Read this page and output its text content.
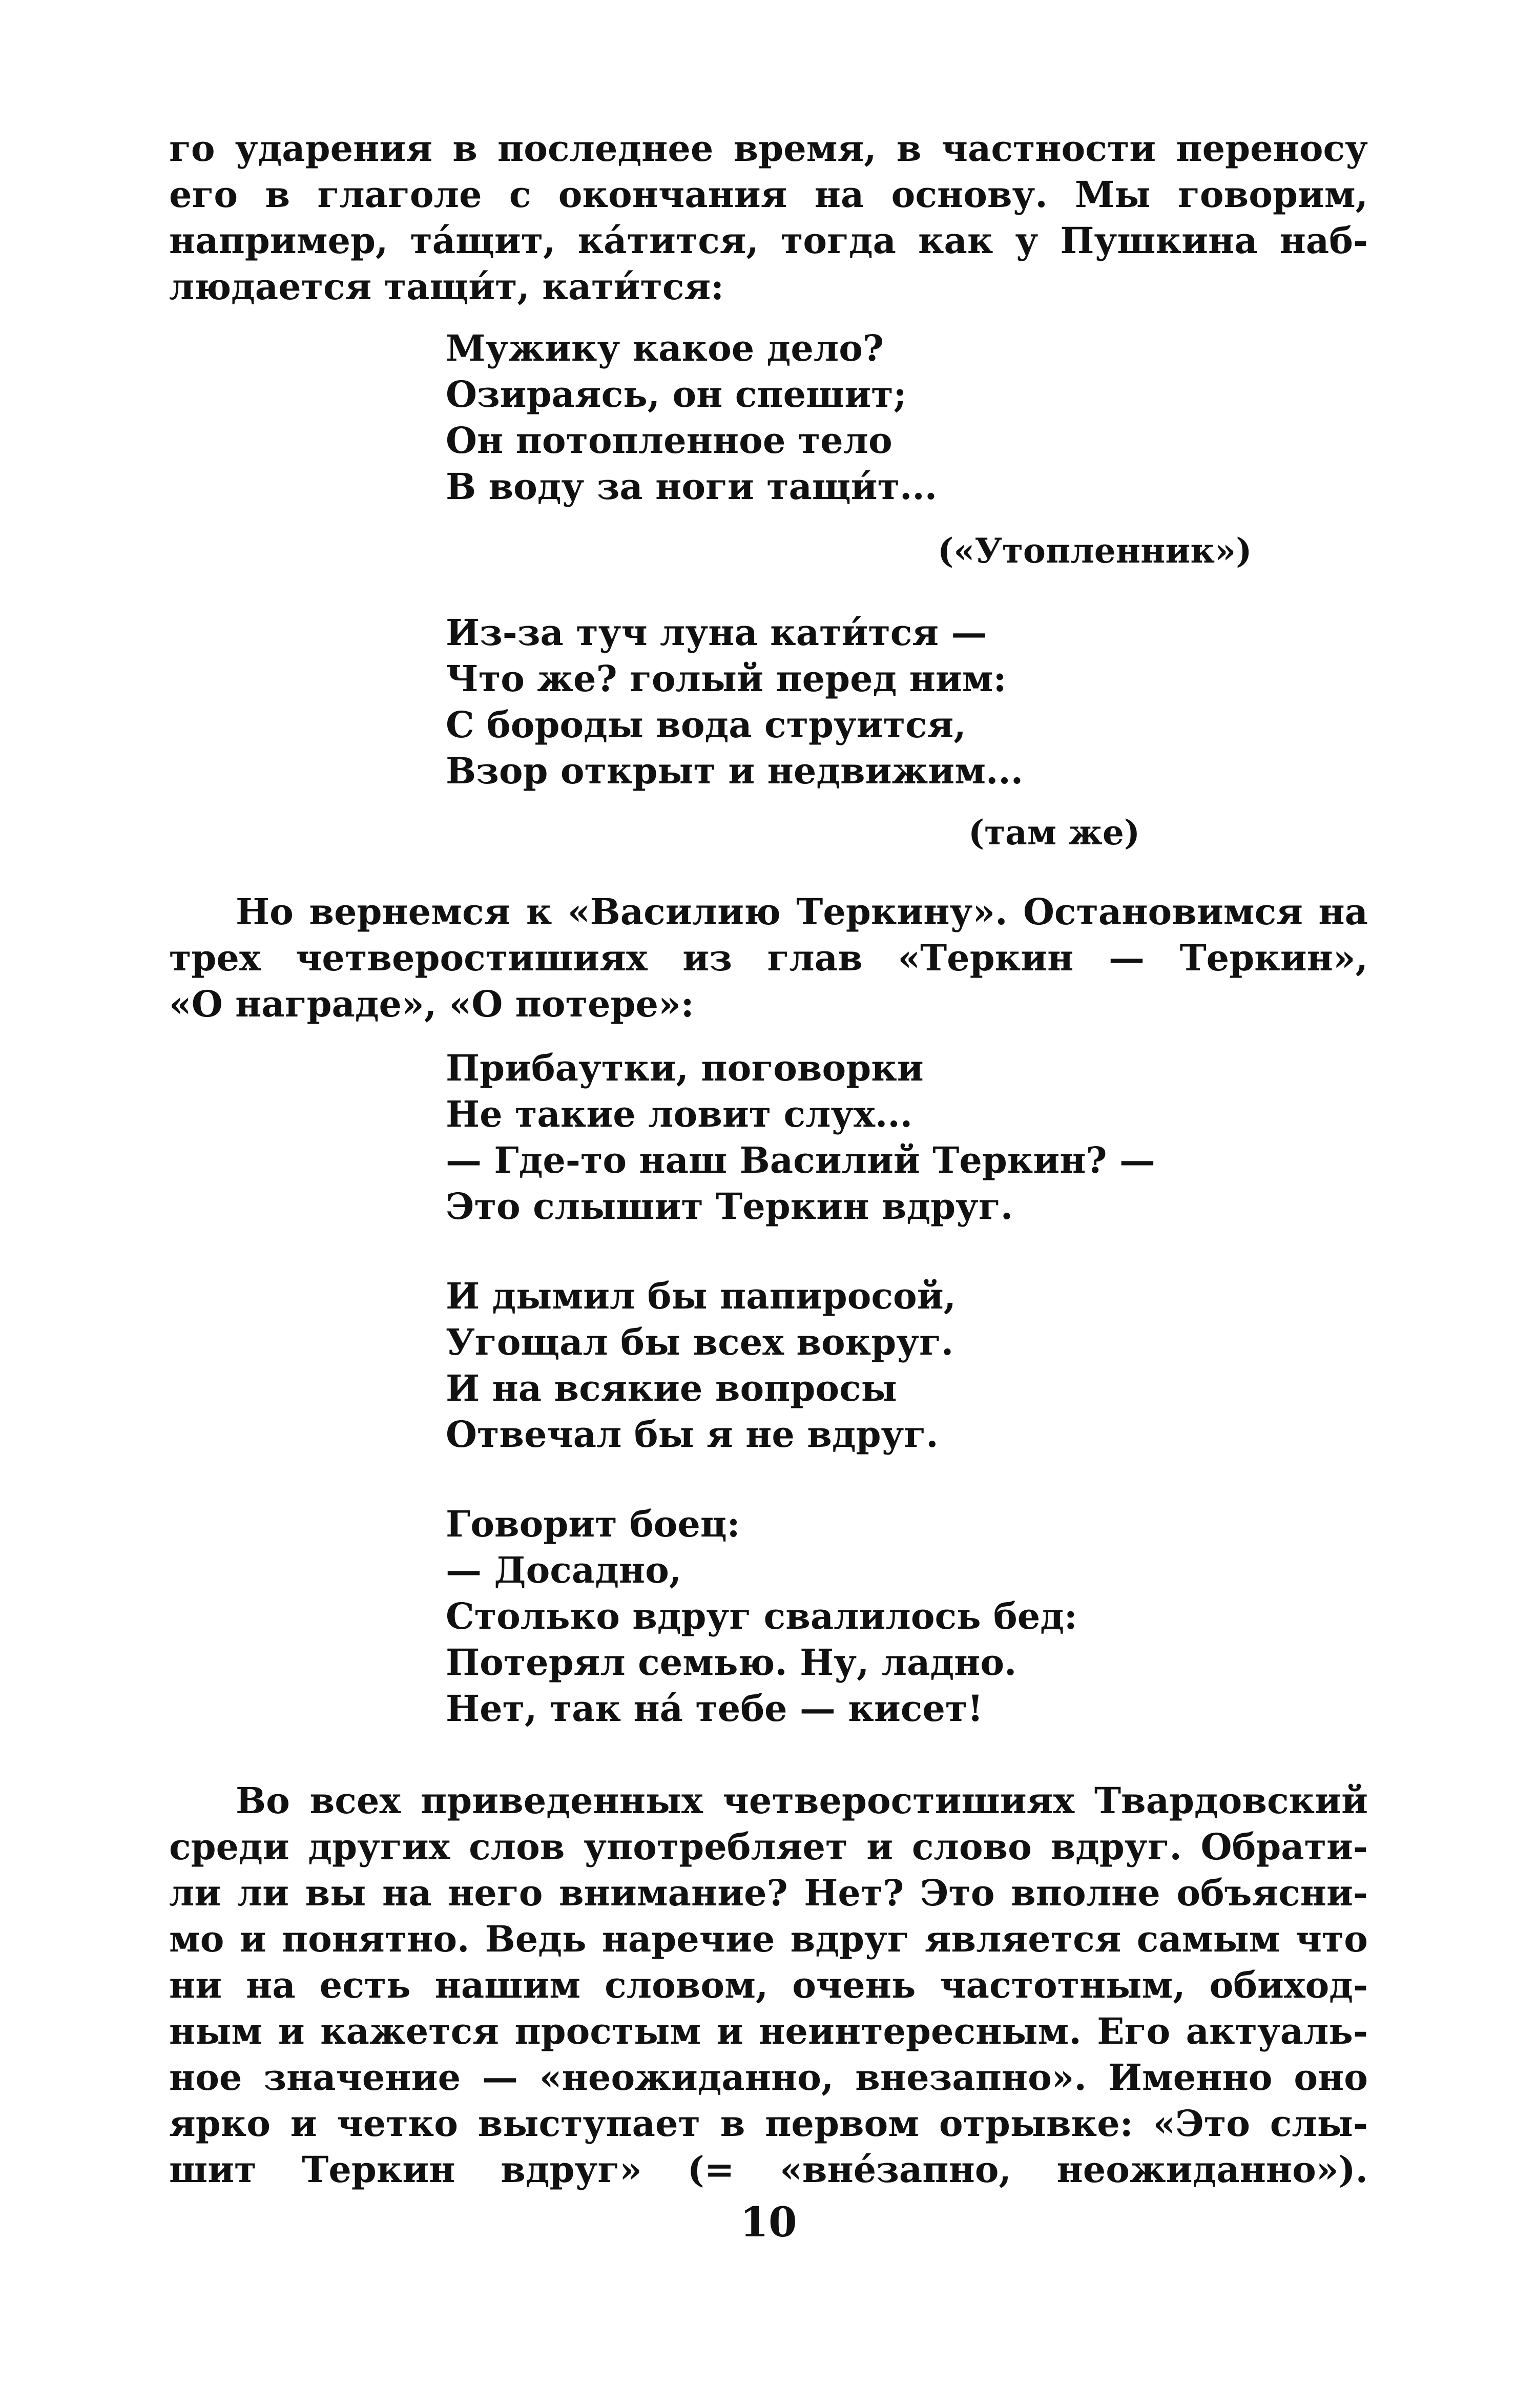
го ударения в последнее время, в частности переносу
его в глаголе с окончания на основу. Мы говорим,
например, та́щит, ка́тится, тогда как у Пушкина наб-
людается тащи́т, кати́тся:
Мужику какое дело?
Озираясь, он спешит;
Он потопленное тело
В воду за ноги тащи́т...
(«Утопленник»)
Из-за туч луна кати́тся —
Что же? голый перед ним:
С бороды вода струится,
Взор открыт и недвижим...
(там же)
Но вернемся к «Василию Теркину». Остановимся на
трех четверостишиях из глав «Теркин — Теркин»,
«О награде», «О потере»:
Прибаутки, поговорки
Не такие ловит слух...
— Где-то наш Василий Теркин? —
Это слышит Теркин вдруг.
И дымил бы папиросой,
Угощал бы всех вокруг.
И на всякие вопросы
Отвечал бы я не вдруг.
Говорит боец:
— Досадно,
Столько вдруг свалилось бед:
Потерял семью. Ну, ладно.
Нет, так на́ тебе — кисет!
Во всех приведенных четверостишиях Твардовский
среди других слов употребляет и слово вдруг. Обрати-
ли ли вы на него внимание? Нет? Это вполне объясни-
мо и понятно. Ведь наречие вдруг является самым что
ни на есть нашим словом, очень частотным, обиход-
ным и кажется простым и неинтересным. Его актуаль-
ное значение — «неожиданно, внезапно». Именно оно
ярко и четко выступает в первом отрывке: «Это слы-
шит Теркин вдруг» (= «вне́запно, неожиданно»).
10
